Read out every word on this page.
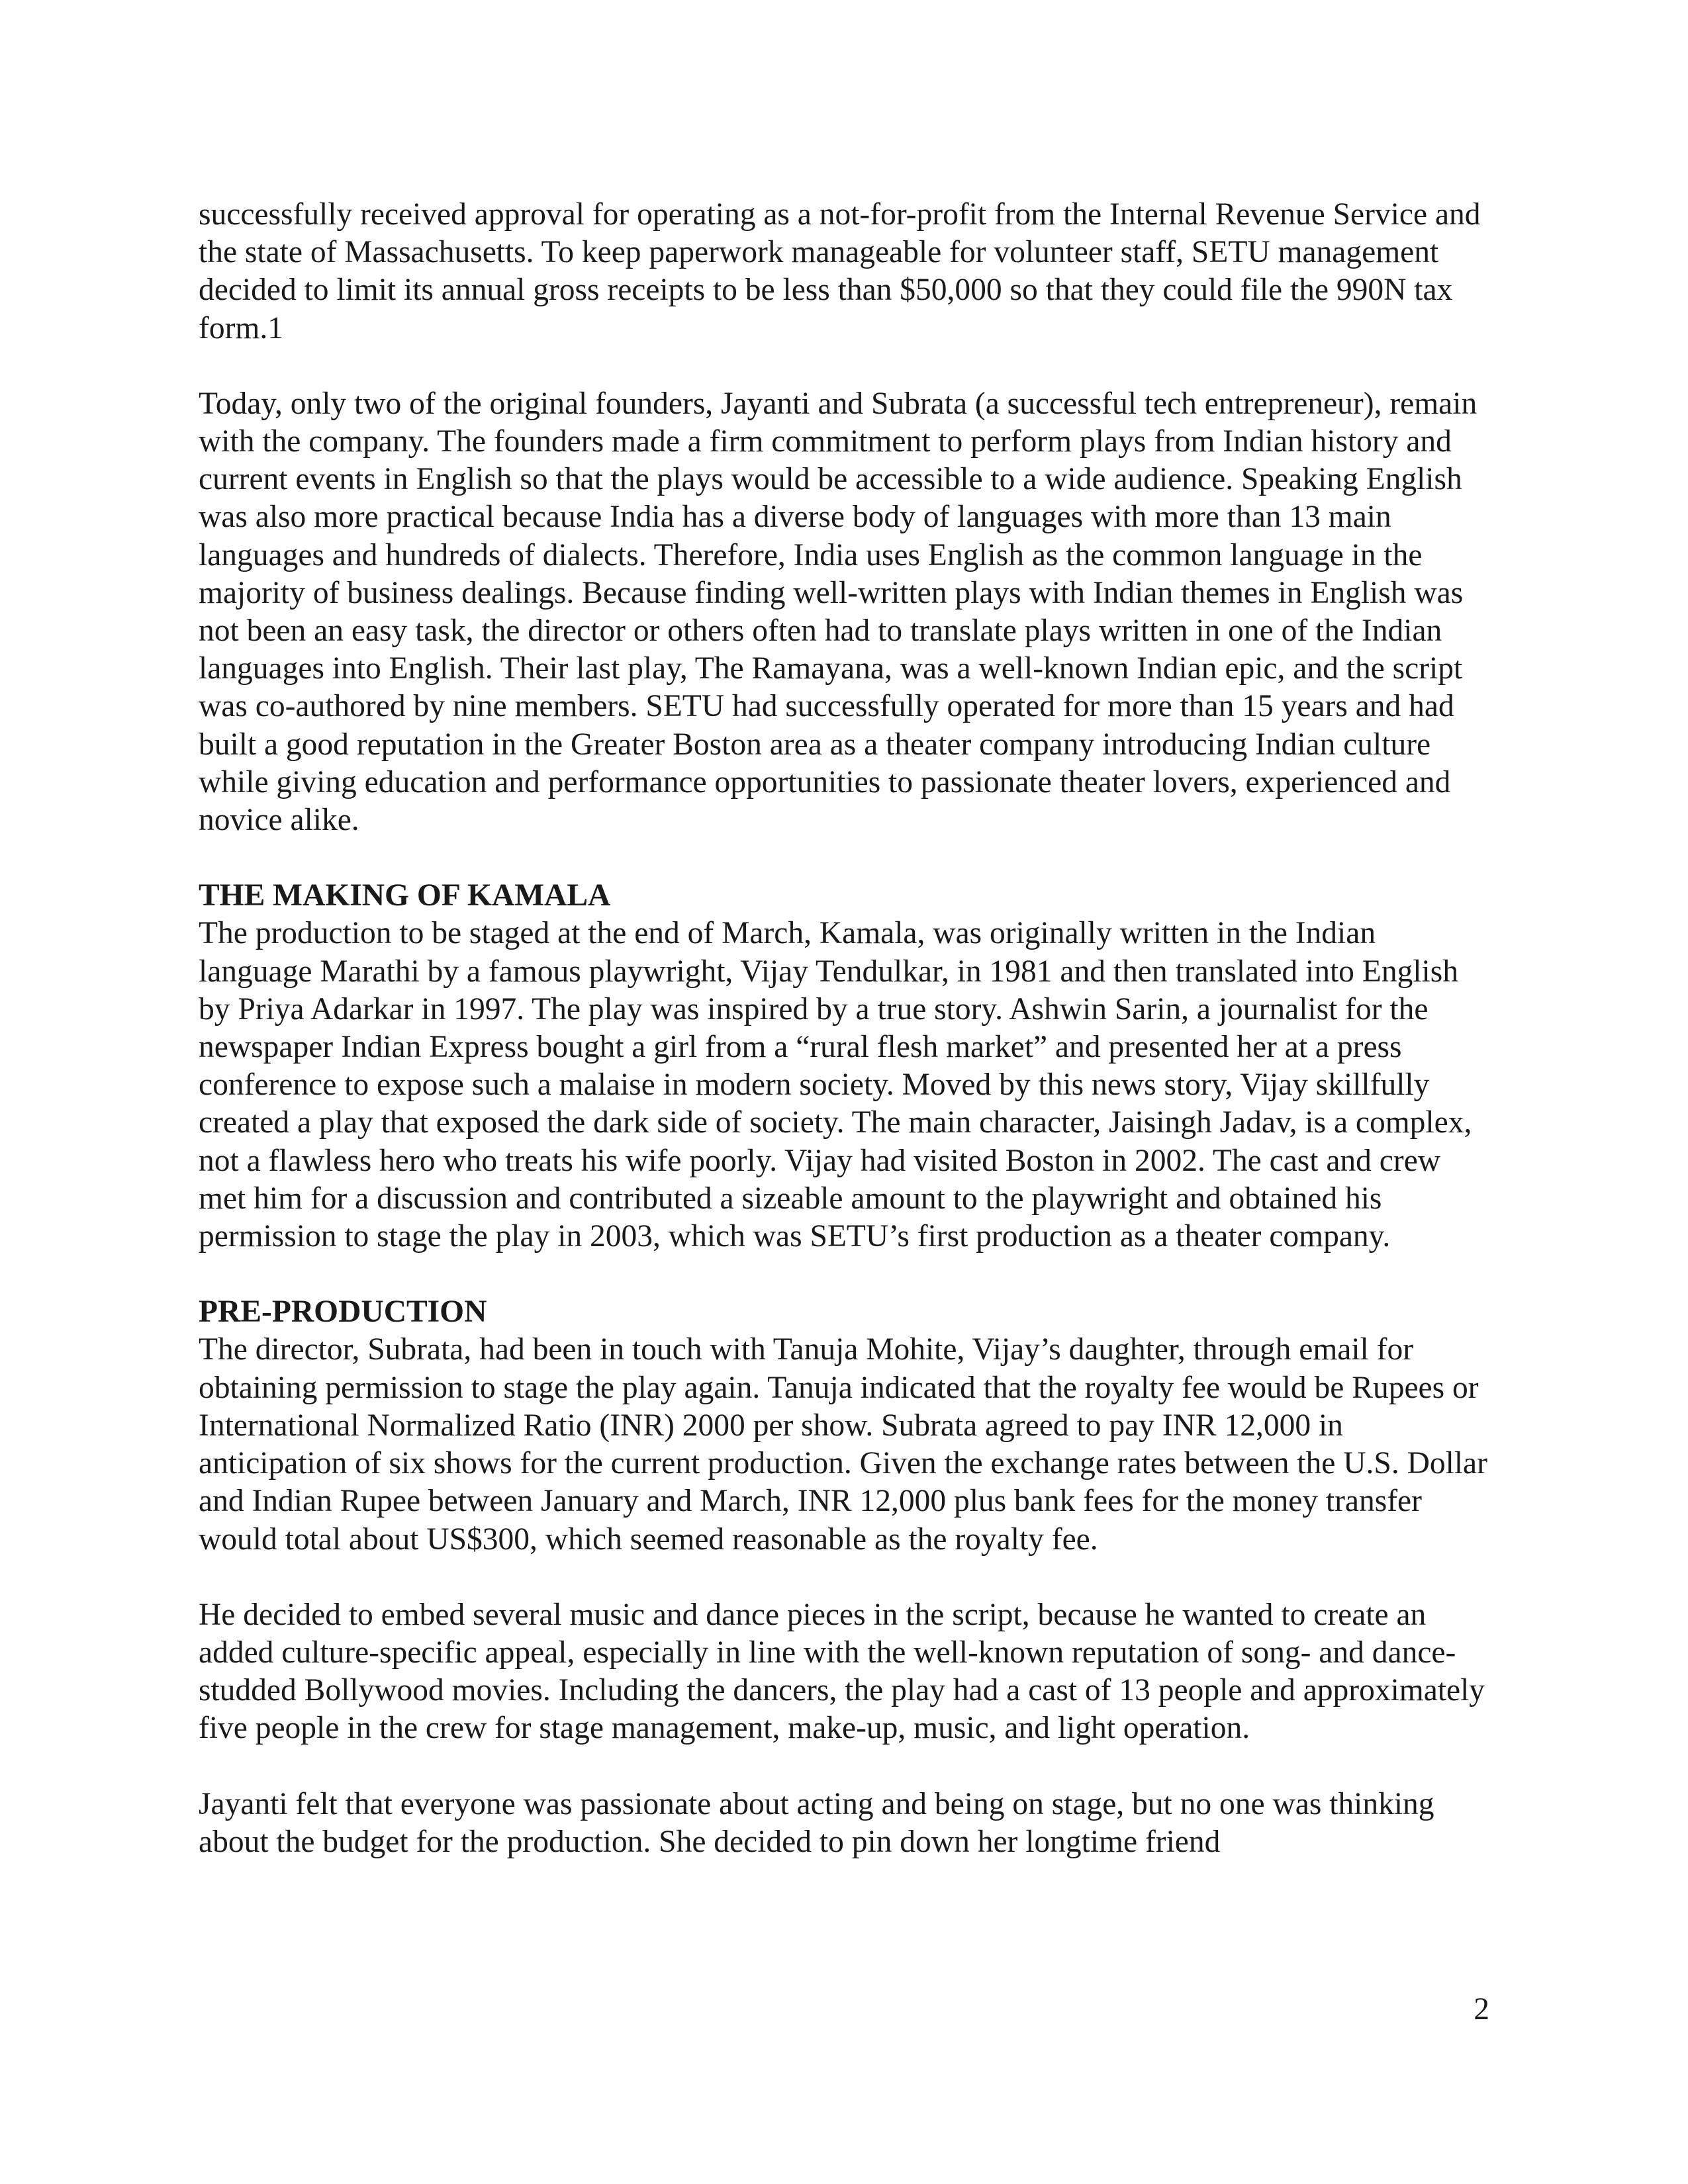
successfully received approval for operating as a not-for-profit from the Internal Revenue Service and the state of Massachusetts. To keep paperwork manageable for volunteer staff, SETU management decided to limit its annual gross receipts to be less than $50,000 so that they could file the 990N tax form.1

Today, only two of the original founders, Jayanti and Subrata (a successful tech entrepreneur), remain with the company. The founders made a firm commitment to perform plays from Indian history and current events in English so that the plays would be accessible to a wide audience. Speaking English was also more practical because India has a diverse body of languages with more than 13 main languages and hundreds of dialects. Therefore, India uses English as the common language in the majority of business dealings. Because finding well-written plays with Indian themes in English was not been an easy task, the director or others often had to translate plays written in one of the Indian languages into English. Their last play, The Ramayana, was a well-known Indian epic, and the script was co-authored by nine members. SETU had successfully operated for more than 15 years and had built a good reputation in the Greater Boston area as a theater company introducing Indian culture while giving education and performance opportunities to passionate theater lovers, experienced and novice alike.

THE MAKING OF KAMALA

The production to be staged at the end of March, Kamala, was originally written in the Indian language Marathi by a famous playwright, Vijay Tendulkar, in 1981 and then translated into English by Priya Adarkar in 1997. The play was inspired by a true story. Ashwin Sarin, a journalist for the newspaper Indian Express bought a girl from a “rural flesh market” and presented her at a press conference to expose such a malaise in modern society. Moved by this news story, Vijay skillfully created a play that exposed the dark side of society. The main character, Jaisingh Jadav, is a complex, not a flawless hero who treats his wife poorly. Vijay had visited Boston in 2002. The cast and crew met him for a discussion and contributed a sizeable amount to the playwright and obtained his permission to stage the play in 2003, which was SETU’s first production as a theater company.

PRE-PRODUCTION

The director, Subrata, had been in touch with Tanuja Mohite, Vijay’s daughter, through email for obtaining permission to stage the play again. Tanuja indicated that the royalty fee would be Rupees or International Normalized Ratio (INR) 2000 per show. Subrata agreed to pay INR 12,000 in anticipation of six shows for the current production. Given the exchange rates between the U.S. Dollar and Indian Rupee between January and March, INR 12,000 plus bank fees for the money transfer would total about US$300, which seemed reasonable as the royalty fee.

He decided to embed several music and dance pieces in the script, because he wanted to create an added culture-specific appeal, especially in line with the well-known reputation of song- and dance-studded Bollywood movies. Including the dancers, the play had a cast of 13 people and approximately five people in the crew for stage management, make-up, music, and light operation.

Jayanti felt that everyone was passionate about acting and being on stage, but no one was thinking about the budget for the production. She decided to pin down her longtime friend

2
